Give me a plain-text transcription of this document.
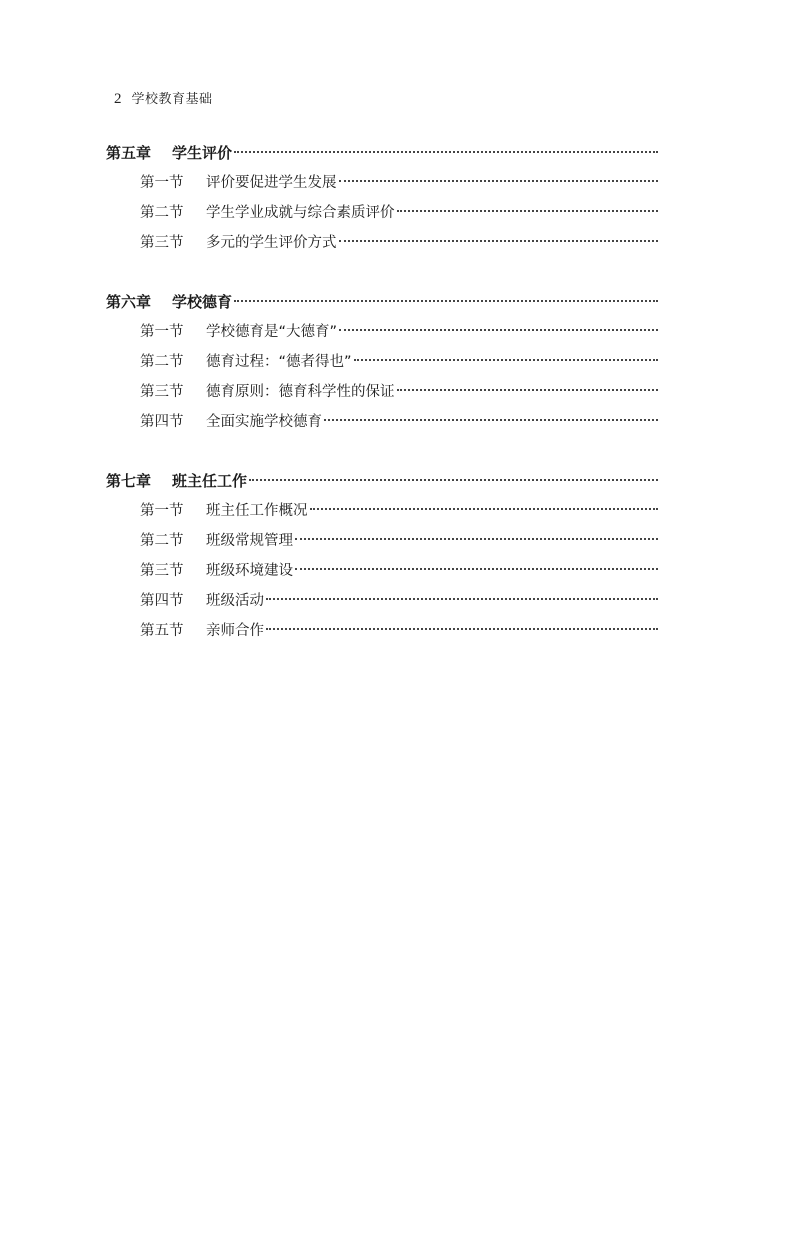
2 学校教育基础
第五章	学生评价
第一节	评价要促进学生发展
第二节	学生学业成就与综合素质评价
第三节	多元的学生评价方式
第六章	学校德育
第一节	学校德育是“大德育”
第二节	德育过程：“德者得也”
第三节	德育原则：德育科学性的保证
第四节	全面实施学校德育
第七章	班主任工作
第一节	班主任工作概况
第二节	班级常规管理
第三节	班级环境建设
第四节	班级活动
第五节	亲师合作
